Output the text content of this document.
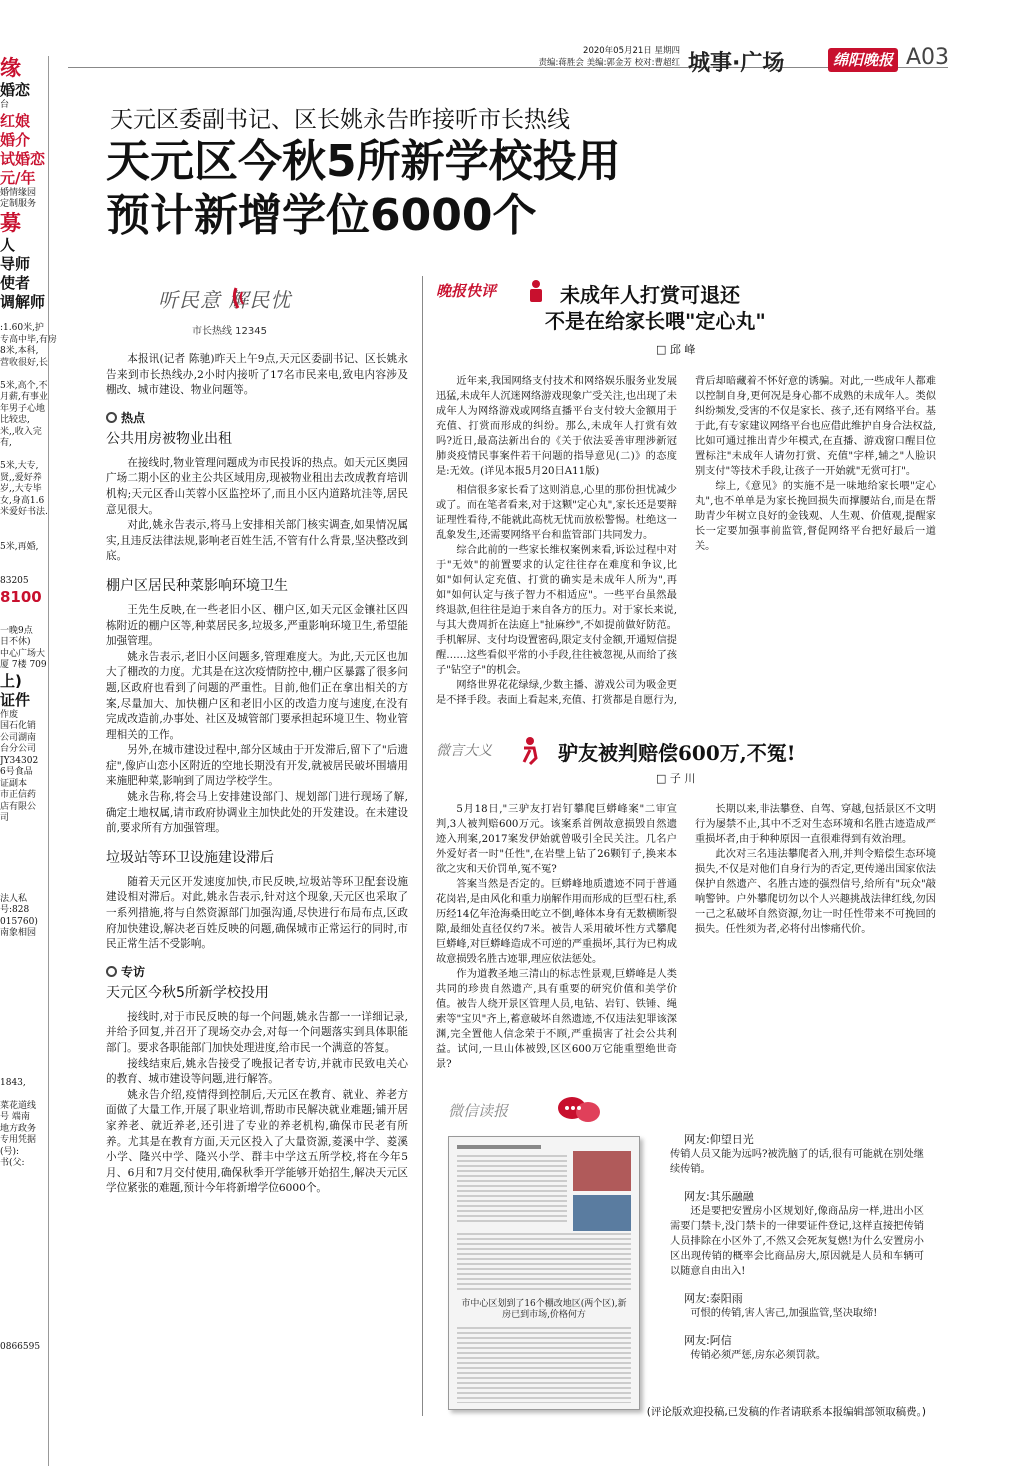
缘
婚恋
台
红娘
婚介
试婚恋
元/年
婚情缘园
定制服务
募
人
导师
使者
调解师

:1.60米,护
专高中毕,有房
8米,本科,
营收很好,长

5米,高个,不
月薪,有事业
年男子心地
比较忠,
米,,收入完
有,

5米,大专,
贤,,爱好养
岁,,大专毕
女,身高1.6
米爱好书法.

5米,再婚,

83205
8100

一晚9点
日不休)
中心广场大
厦 7楼 709
上)
证件
作废
国石化销
公司湖南
台分公司
JY34302
6号食品
证副本
市正信药
店有限公
司

法人私
号:828
015760)
南象相园

1843,

菜花道线
号 端南
地方政务
专用凭据
(号):
书(父:

0866595
2020年05月21日 星期四
责编:蒋胜会 美编:郭金芳 校对:曹超红 城事·广场	绵阳晚报 A03
天元区委副书记、区长姚永告昨接听市长热线
天元区今秋5所新学校投用
预计新增学位6000个
听民意 解民忧
市长热线 12345

本报讯(记者 陈驰)昨天上午9点,天元区委副书记、区长姚永告来到市长热线办,2小时内接听了17名市民来电,致电内容涉及棚改、城市建设、物业问题等。

热点
公共用房被物业出租

在接线时,物业管理问题成为市民投诉的热点。如天元区奥园广场二期小区的业主公共区域用房,现被物业租出去改成教育培训机构;天元区香山芙蓉小区监控坏了,而且小区内道路坑洼等,居民意见很大。

对此,姚永告表示,将马上安排相关部门核实调查,如果情况属实,且违反法律法规,影响老百姓生活,不管有什么背景,坚决整改到底。

棚户区居民种菜影响环境卫生

王先生反映,在一些老旧小区、棚户区,如天元区金镶社区四栋附近的棚户区等,种菜居民多,垃圾多,严重影响环境卫生,希望能加强管理。

姚永告表示,老旧小区问题多,管理难度大。为此,天元区也加大了棚改的力度。尤其是在这次疫情防控中,棚户区暴露了很多问题,区政府也看到了问题的严重性。目前,他们正在拿出相关的方案,尽量加大、加快棚户区和老旧小区的改造力度与速度,在没有完成改造前,办事处、社区及城管部门要承担起环境卫生、物业管理相关的工作。

另外,在城市建设过程中,部分区域由于开发滞后,留下了"后遗症",像庐山恋小区附近的空地长期没有开发,就被居民破坏围墙用来施肥种菜,影响到了周边学校学生。

姚永告称,将会马上安排建设部门、规划部门进行现场了解,确定土地权属,请市政府协调业主加快此处的开发建设。在未建设前,要求所有方加强管理。

垃圾站等环卫设施建设滞后

随着天元区开发速度加快,市民反映,垃圾站等环卫配套设施建设相对滞后。对此,姚永告表示,针对这个现象,天元区也采取了一系列措施,将与自然资源部门加强沟通,尽快进行布局布点,区政府加快建设,解决老百姓反映的问题,确保城市正常运行的同时,市民正常生活不受影响。

专访
天元区今秋5所新学校投用

接线时,对于市民反映的每一个问题,姚永告都一一详细记录,并给予回复,并召开了现场交办会,对每一个问题落实到具体职能部门。要求各职能部门加快处理进度,给市民一个满意的答复。

接线结束后,姚永告接受了晚报记者专访,并就市民致电关心的教育、城市建设等问题,进行解答。

姚永告介绍,疫情得到控制后,天元区在教育、就业、养老方面做了大量工作,开展了职业培训,帮助市民解决就业难题;铺开居家养老、就近养老,还引进了专业的养老机构,确保市民老有所养。尤其是在教育方面,天元区投入了大量资源,菱溪中学、菱溪小学、隆兴中学、隆兴小学、群丰中学这五所学校,将在今年5月、6月和7月交付使用,确保秋季开学能够开始招生,解决天元区学位紧张的难题,预计今年将新增学位6000个。

晚报快评	未成年人打赏可退还
不是在给家长喂"定心丸"
□ 邱 峰

近年来,我国网络支付技术和网络娱乐服务业发展迅猛,未成年人沉迷网络游戏现象广受关注,也出现了未成年人为网络游戏或网络直播平台支付较大金额用于充值、打赏而形成的纠纷。那么,未成年人打赏有效吗?近日,最高法新出台的《关于依法妥善审理涉新冠肺炎疫情民事案件若干问题的指导意见(二)》的态度是:无效。(详见本报5月20日A11版)

相信很多家长看了这则消息,心里的那份担忧减少或了。而在笔者看来,对于这颗"定心丸",家长还是要辩证理性看待,不能就此高枕无忧而放松警惕。杜绝这一乱象发生,还需要网络平台和监管部门共同发力。

综合此前的一些家长维权案例来看,诉讼过程中对于"无效"的前置要求的认定往往存在难度和争议,比如"如何认定充值、打赏的确实是未成年人所为",再如"如何认定与孩子智力不相适应"。一些平台虽然最终退款,但往往是迫于来自各方的压力。对于家长来说,与其大费周折在法庭上"扯麻纱",不如提前做好防范。手机解屏、支付均设置密码,限定支付金额,开通短信提醒……这些看似平常的小手段,往往被忽视,从而给了孩子"钻空子"的机会。

网络世界花花绿绿,少数主播、游戏公司为吸金更是不择手段。表面上看起来,充值、打赏都是自愿行为,背后却暗藏着不怀好意的诱骗。对此,一些成年人都难以控制自身,更何况是身心都不成熟的未成年人。类似纠纷频发,受害的不仅是家长、孩子,还有网络平台。基于此,有专家建议网络平台也应借此维护自身合法权益,比如可通过推出青少年模式,在直播、游戏窗口醒目位置标注"未成年人请勿打赏、充值"字样,辅之"人脸识别支付"等技术手段,让孩子一开始就"无赏可打"。

综上,《意见》的实施不是一味地给家长喂"定心丸",也不单单是为家长挽回损失而撑腰站台,而是在帮助青少年树立良好的金钱观、人生观、价值观,提醒家长一定要加强事前监管,督促网络平台把好最后一道关。

微言大义	驴友被判赔偿600万,不冤!
□ 子 川

5月18日,"三驴友打岩钉攀爬巨蟒峰案"二审宣判,3人被判赔600万元。该案系首例故意损毁自然遗迹入刑案,2017案发伊始就曾吸引全民关注。几名户外爱好者一时"任性",在岩壁上钻了26颗钉子,换来本欲之灾和天价罚单,冤不冤?

答案当然是否定的。巨蟒峰地质遗迹不同于普通花岗岩,是由风化和重力崩解作用而形成的巨型石柱,系历经14亿年沧海桑田屹立不倒,峰体本身有无数横断裂隙,最细处直径仅约7米。被告人采用破坏性方式攀爬巨蟒峰,对巨蟒峰造成不可逆的严重损坏,其行为已构成故意损毁名胜古迹罪,理应依法惩处。

作为道教圣地三清山的标志性景观,巨蟒峰是人类共同的珍贵自然遗产,具有重要的研究价值和美学价值。被告人绕开景区管理人员,电钻、岩钉、铁锤、绳索等"宝贝"齐上,蓄意破坏自然遗迹,不仅违法犯罪该深渊,完全置他人信念荣于不顾,严重损害了社会公共利益。试问,一旦山体被毁,区区600万它能重塑绝世奇景?

长期以来,非法攀登、自驾、穿越,包括景区不文明行为屡禁不止,其中不乏对生态环境和名胜古迹造成严重损坏者,由于种种原因一直很难得到有效治理。

此次对三名违法攀爬者入刑,并判令赔偿生态环境损失,不仅是对他们自身行为的否定,更传递出国家依法保护自然遗产、名胜古迹的强烈信号,给所有"玩众"敲响警钟。户外攀爬切勿以个人兴趣挑战法律红线,勿因一己之私破坏自然资源,勿让一时任性带来不可挽回的损失。任性须为者,必将付出惨痛代价。

微信读报
市中心区划到了16个棚改地区(两个区),新房已到市场,价格何方
网友:仰望日光

传销人员又能为远吗?被洗脑了的话,很有可能就在别处继续传销。

网友:其乐融融

还是要把安置房小区规划好,像商品房一样,进出小区需要门禁卡,没门禁卡的一律要证件登记,这样直接把传销人员排除在小区外了,不然又会死灰复燃!为什么安置房小区出现传销的概率会比商品房大,原因就是人员和车辆可以随意自由出入!

网友:泰阳雨

可恨的传销,害人害己,加强监管,坚决取缔!

网友:阿信

传销必须严惩,房东必须罚款。

(评论版欢迎投稿,已发稿的作者请联系本报编辑部领取稿费。)
